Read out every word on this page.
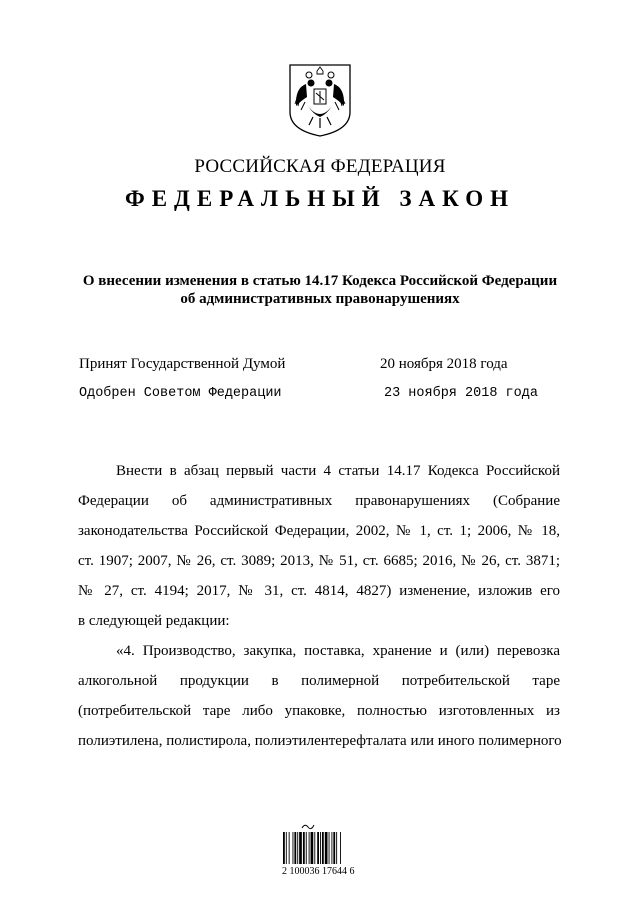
РОССИЙСКАЯ ФЕДЕРАЦИЯ
ФЕДЕРАЛЬНЫЙ ЗАКОН
О внесении изменения в статью 14.17 Кодекса Российской Федерации
об административных правонарушениях
Принят Государственной Думой	20 ноября 2018 года
Одобрен Советом Федерации	23 ноября 2018 года
Внести в абзац первый части 4 статьи 14.17 Кодекса Российской
Федерации об административных правонарушениях (Собрание
законодательства Российской Федерации, 2002, № 1, ст. 1; 2006, № 18,
ст. 1907; 2007, № 26, ст. 3089; 2013, № 51, ст. 6685; 2016, № 26, ст. 3871;
№ 27, ст. 4194; 2017, № 31, ст. 4814, 4827) изменение, изложив его
в следующей редакции:
«4. Производство, закупка, поставка, хранение и (или) перевозка
алкогольной продукции в полимерной потребительской таре
(потребительской таре либо упаковке, полностью изготовленных из
полиэтилена, полистирола, полиэтилентерефталата или иного полимерного
2 100036 17644 6
